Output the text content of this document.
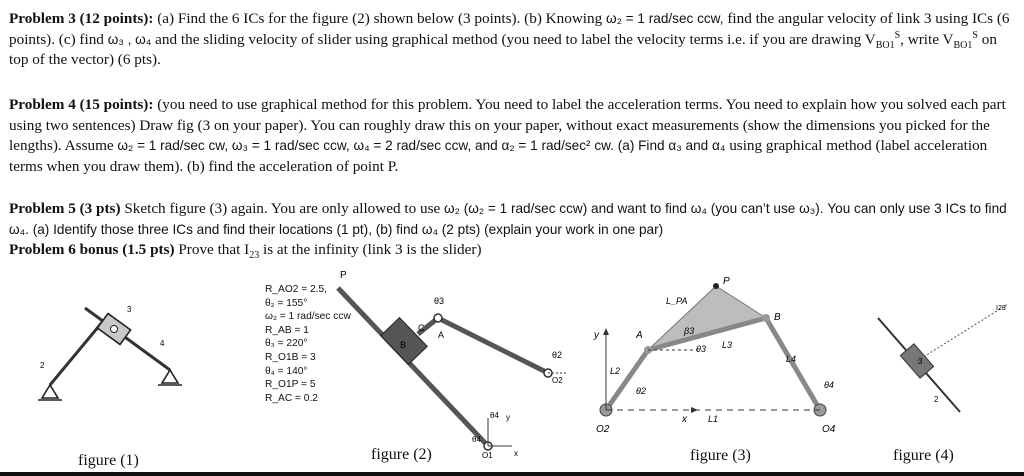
Problem 3 (12 points): (a) Find the 6 ICs for the figure (2) shown below (3 points). (b) Knowing ω₂ = 1 rad/sec ccw, find the angular velocity of link 3 using ICs (6 points). (c) find ω₃ , ω₄ and the sliding velocity of slider using graphical method (you need to label the velocity terms i.e. if you are drawing $V_{BO1}^S$, write $V_{BO1}^S$ on top of the vector) (6 pts).
Problem 4 (15 points): (you need to use graphical method for this problem. You need to label the acceleration terms. You need to explain how you solved each part using two sentences) Draw fig (3 on your paper). You can roughly draw this on your paper, without exact measurements (show the dimensions you picked for the lengths). Assume ω₂ = 1 rad/sec cw, ω₃ = 1 rad/sec ccw, ω₄ = 2 rad/sec ccw, and α₂ = 1 rad/sec² cw. (a) Find α₃ and α₄ using graphical method (label acceleration terms when you draw them). (b) find the acceleration of point P.
Problem 5 (3 pts) Sketch figure (3) again. You are only allowed to use ω₂ (ω₂ = 1 rad/sec ccw) and want to find ω₄ (you can’t use ω₃). You can only use 3 ICs to find ω₄. (a) Identify those three ICs and find their locations (1 pt), (b) find ω₄ (2 pts) (explain your work in one par)
Problem 6 bonus (1.5 pts) Prove that $I_{23}$ is at the infinity (link 3 is the slider)
2
3
4
figure (1)
R_AO2 = 2.5,
θ₂ = 155°
ω₂ = 1 rad/sec ccw
R_AB = 1
θ₃ = 220°
R_O1B = 3
θ₄ = 140°
R_O1P = 5
R_AC = 0.2
P
θ3
C
A
B
θ2
O2
θ4 y
x
θ4
O1
figure (2)
P
L_PA
B
β3
θ3 L3
A
y
L2
θ2
L4
θ4
O2
x L1
O4
figure (3)
I23
3
2
figure (4)
